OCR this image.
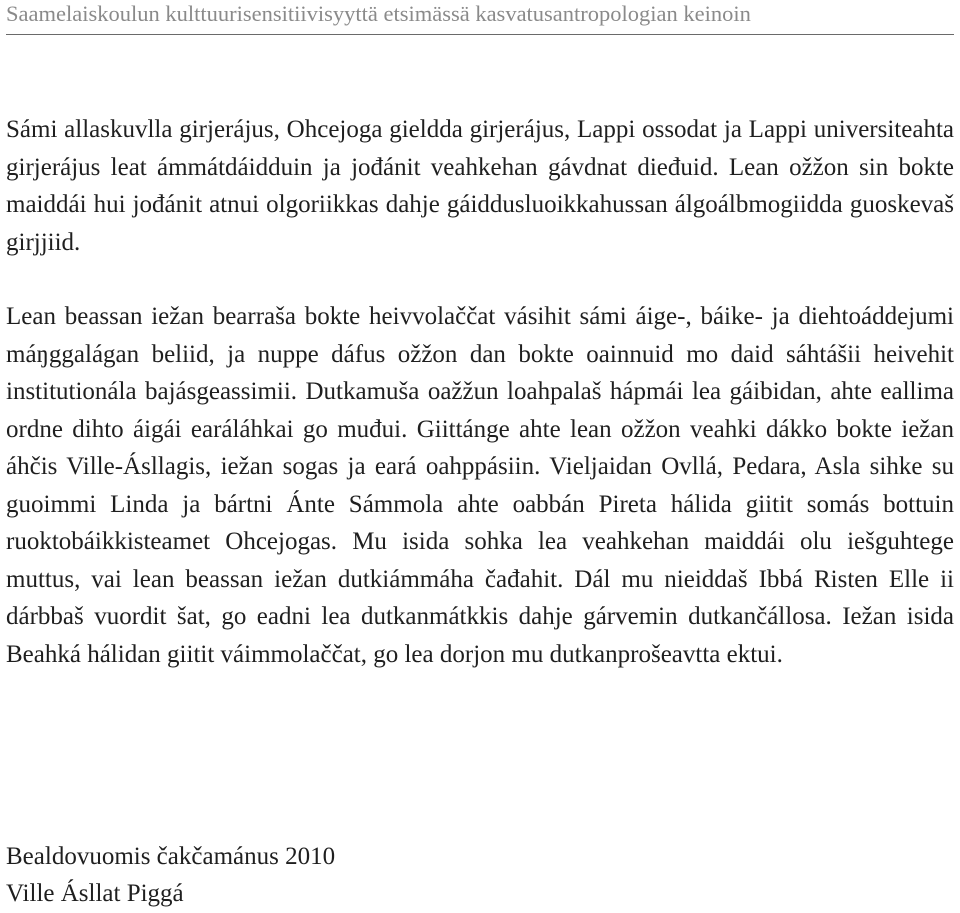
Saamelaiskoulun kulttuurisensitiivisyyttä etsimässä kasvatusantropologian keinoin

Sámi allaskuvlla girjerájus, Ohcejoga gieldda girjerájus, Lappi ossodat ja Lappi universiteahta girjerájus leat ámmátdáidduin ja jođánit veahkehan gávdnat dieđuid. Lean ožžon sin bokte maiddái hui jođánit atnui olgoriikkas dahje gáiddusluoikkahussan álgoálbmogiidda guoskevaš girjjiid.

Lean beassan iežan bearraša bokte heivvolaččat vásihit sámi áige-, báike- ja diehtoáddejumi máŋggalágan beliid, ja nuppe dáfus ožžon dan bokte oainnuid mo daid sáhtášii heivehit institutionála bajásgeassimii. Dutkamuša oažžun loahpalaš hápmái lea gáibidan, ahte eallima ordne dihto áigái earáláhkai go muđui. Giittánge ahte lean ožžon veahki dákko bokte iežan áhčis Ville-Ásllagis, iežan sogas ja eará oahppásiin. Vieljaidan Ovllá, Pedara, Asla sihke su guoimmi Linda ja bártni Ánte Sámmola ahte oabbán Pireta hálida giitit somás bottuin ruoktobáikkisteamet Ohcejogas. Mu isida sohka lea veahkehan maiddái olu iešguhtege muttus, vai lean beassan iežan dutkiámmáha čađahit. Dál mu nieiddaš Ibbá Risten Elle ii dárbbaš vuordit šat, go eadni lea dutkanmátkkis dahje gárvemin dutkančállosa. Iežan isida Beahká hálidan giitit váimmolaččat, go lea dorjon mu dutkanprošeavtta ektui.

Bealdovuomis čakčamánus 2010

Ville Ásllat Piggá
